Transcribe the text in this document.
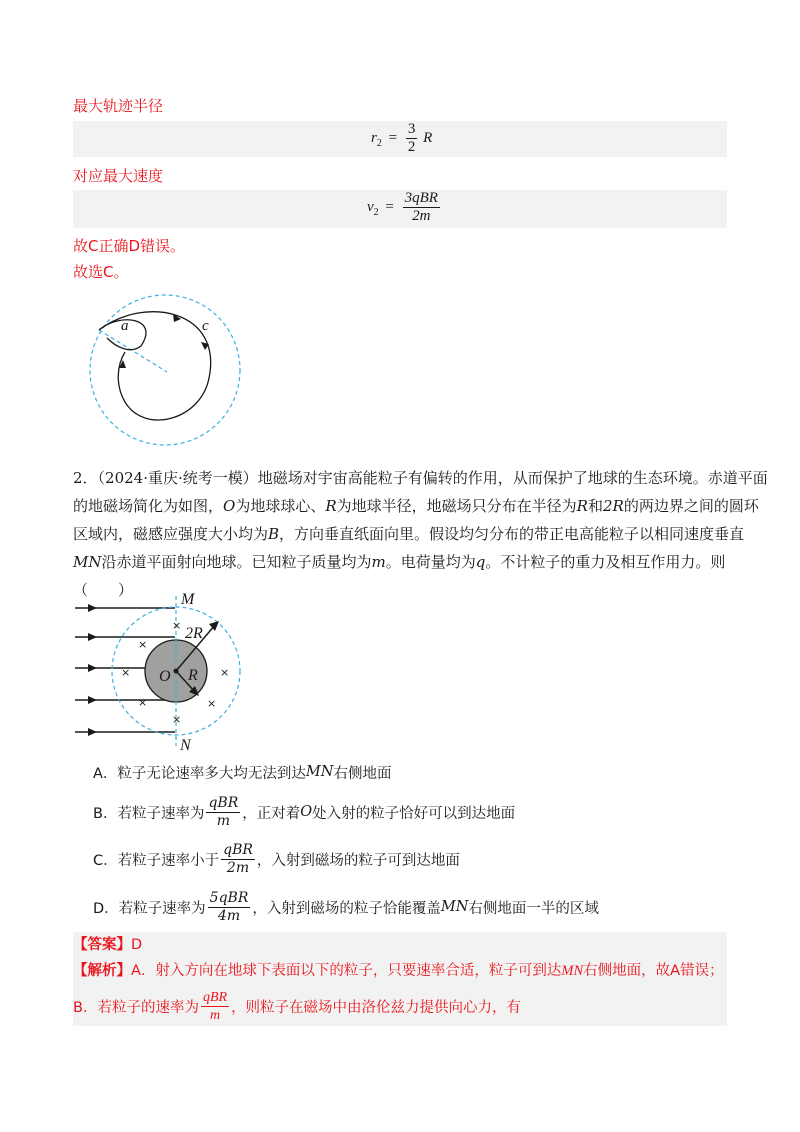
最大轨迹半径
$r_2 = \frac{3}{2}$ R
对应最大速度
$v_2 = \frac{\text{3qBR}}{2m}$
故C正确D错误。
故选C。
a	c
2．（2024·重庆·统考一模）地磁场对宇宙高能粒子有偏转的作用，从而保护了地球的生态环境。赤道平面
的地磁场简化为如图，O为地球球心、R为地球半径，地磁场只分布在半径为R和2R的两边界之间的圆环
区域内，磁感应强度大小均为B，方向垂直纸面向里。假设均匀分布的带正电高能粒子以相同速度垂直
MN沿赤道平面射向地球。已知粒子质量均为m。电荷量均为q。不计粒子的重力及相互作用力。则
（　　）
×
×
×
×
×
×
×
M
N
O R
2R
A． 粒子无论速率多大均无法到达 MN 右侧地面
B． 若粒子速率为 $\frac{\text{qBR}}{m}$ ，正对着 O 处入射的粒子恰好可以到达地面
C． 若粒子速率小于 $\frac{\text{qBR}}{2m}$ ，入射到磁场的粒子可到达地面
D． 若粒子速率为 $\frac{\text{5qBR}}{4m}$ ，入射到磁场的粒子恰能覆盖 MN 右侧地面一半的区域
【答案】D
【解析】A．射入方向在地球下表面以下的粒子，只要速率合适，粒子可到达MN右侧地面，故A错误；
B．若粒子的速率为 $\frac{\text{qBR}}{m}$ ，则粒子在磁场中由洛伦兹力提供向心力，有
